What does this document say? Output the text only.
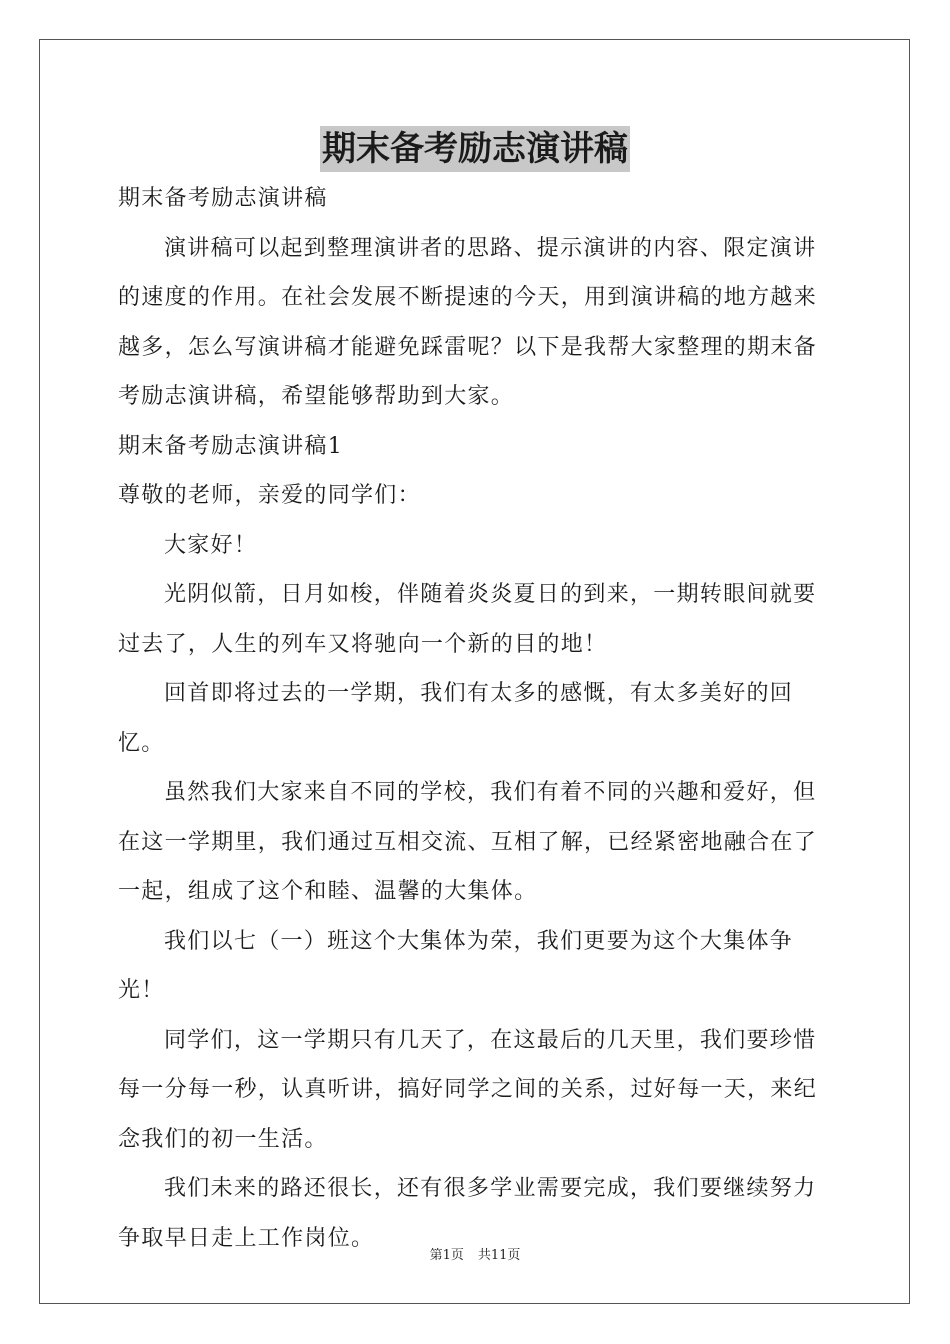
期末备考励志演讲稿

期末备考励志演讲稿

演讲稿可以起到整理演讲者的思路、提示演讲的内容、限定演讲的速度的作用。在社会发展不断提速的今天，用到演讲稿的地方越来越多，怎么写演讲稿才能避免踩雷呢？以下是我帮大家整理的期末备考励志演讲稿，希望能够帮助到大家。

期末备考励志演讲稿1

尊敬的老师，亲爱的同学们：

大家好！

光阴似箭，日月如梭，伴随着炎炎夏日的到来，一期转眼间就要过去了，人生的列车又将驰向一个新的目的地！

回首即将过去的一学期，我们有太多的感慨，有太多美好的回忆。

虽然我们大家来自不同的学校，我们有着不同的兴趣和爱好，但在这一学期里，我们通过互相交流、互相了解，已经紧密地融合在了一起，组成了这个和睦、温馨的大集体。

我们以七（一）班这个大集体为荣，我们更要为这个大集体争光！

同学们，这一学期只有几天了，在这最后的几天里，我们要珍惜每一分每一秒，认真听讲，搞好同学之间的关系，过好每一天，来纪念我们的初一生活。

我们未来的路还很长，还有很多学业需要完成，我们要继续努力争取早日走上工作岗位。

第1页 共11页
